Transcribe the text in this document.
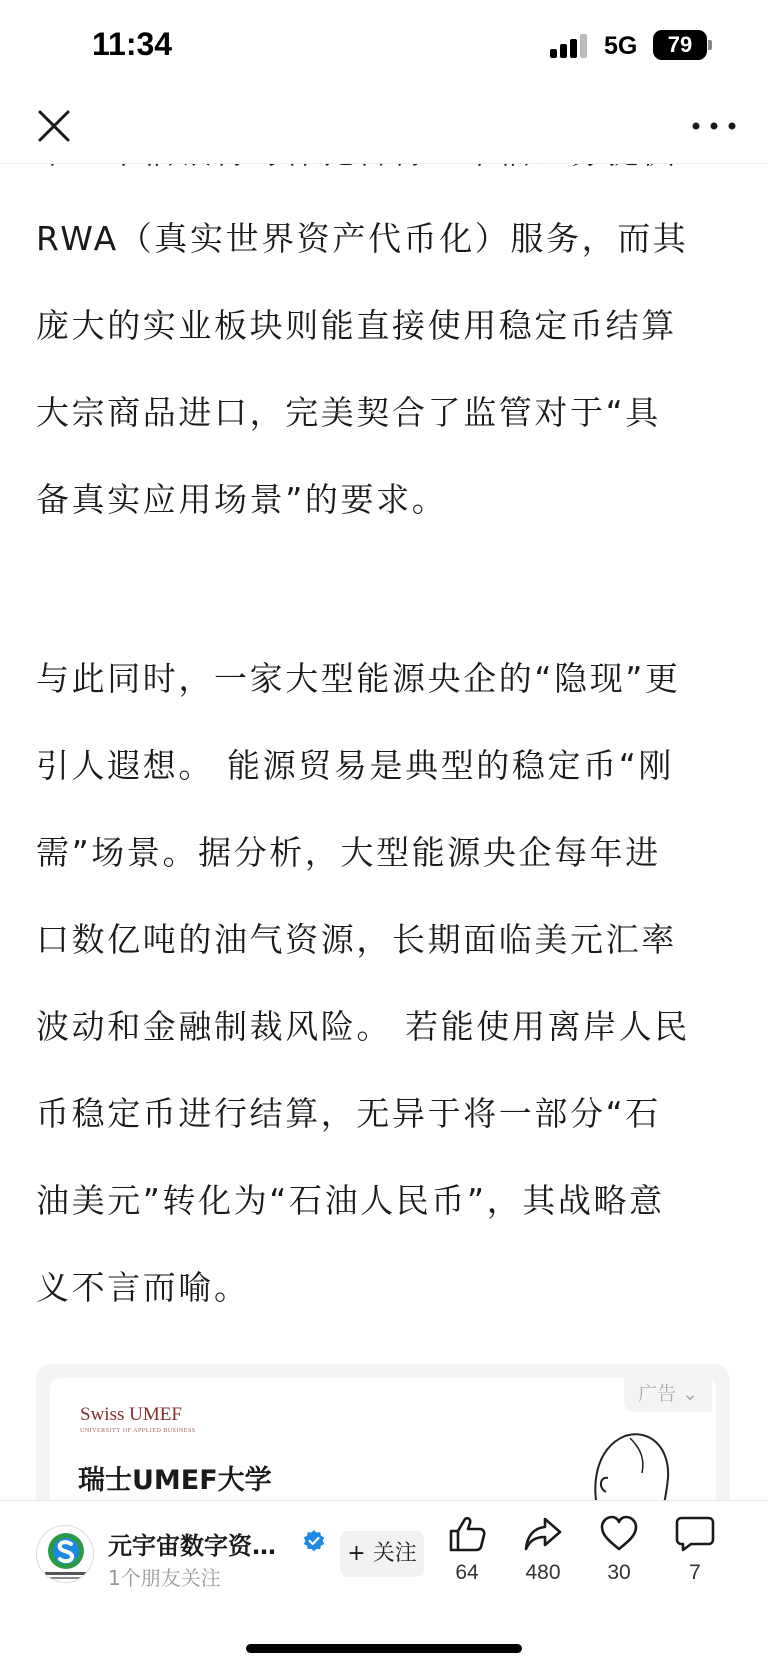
RWA（真实世界资产代币化）服务，而其
庞大的实业板块则能直接使用稳定币结算
大宗商品进口，完美契合了监管对于“具
备真实应用场景”的要求。
与此同时，一家大型能源央企的“隐现”更
引人遐想。 能源贸易是典型的稳定币“刚
需”场景。据分析，大型能源央企每年进
口数亿吨的油气资源，长期面临美元汇率
波动和金融制裁风险。 若能使用离岸人民
币稳定币进行结算，无异于将一部分“石
油美元”转化为“石油人民币”，其战略意
义不言而喻。
广告 ⌄
Swiss UMEF
UNIVERSITY OF APPLIED BUSINESS
瑞士UMEF大学
11:34	5G	79
元宇宙数字资…
1个朋友关注
+ 关注
64	480	30	7
